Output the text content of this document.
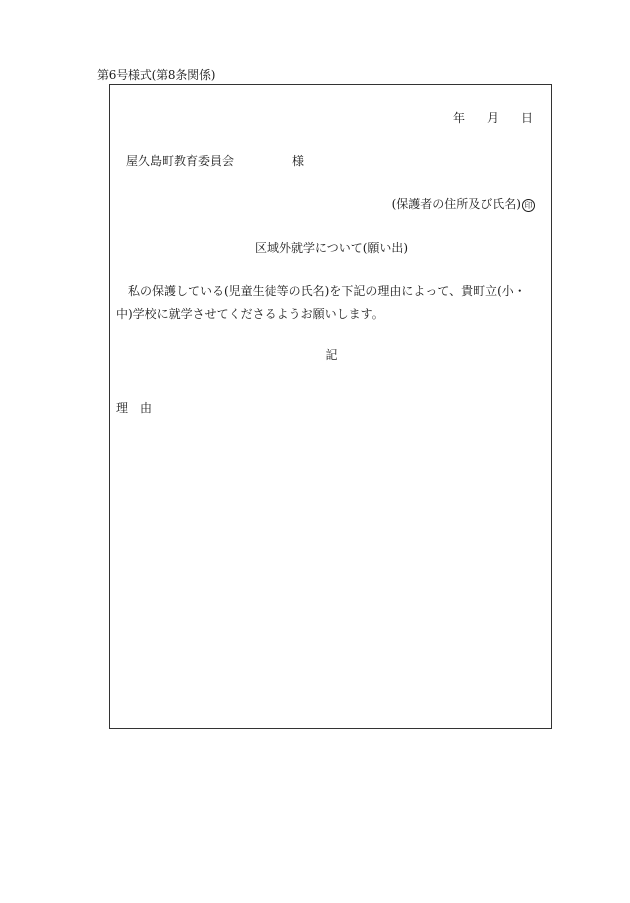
第6号様式(第8条関係)
年 月 日
屋久島町教育委員会	様
(保護者の住所及び氏名) 印
区域外就学について(願い出)
私の保護している(児童生徒等の氏名)を下記の理由によって、貴町立(小・
中)学校に就学させてくださるようお願いします。
記
理　由
